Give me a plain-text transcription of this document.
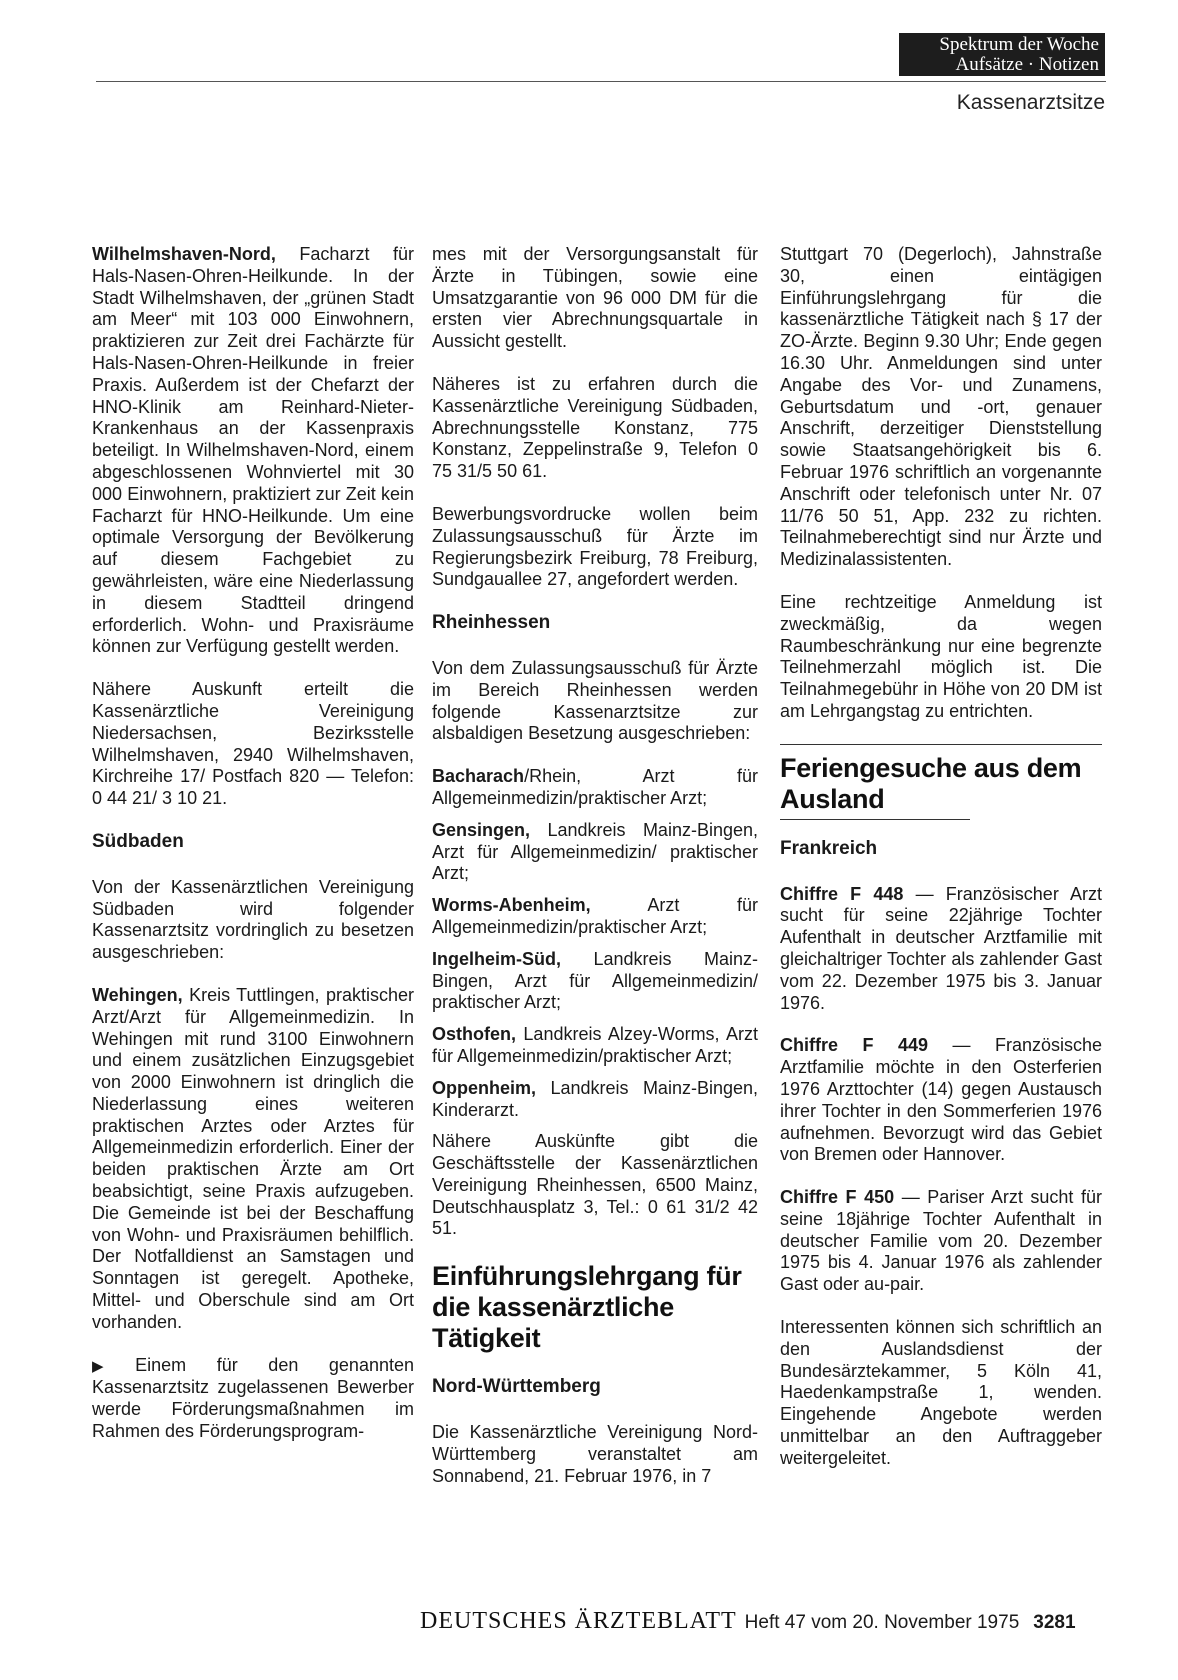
Spektrum der Woche
Aufsätze · Notizen
Kassenarztsitze

Wilhelmshaven-Nord, Facharzt für Hals-Nasen-Ohren-Heilkunde. In der Stadt Wilhelmshaven, der „grünen Stadt am Meer“ mit 103 000 Einwohnern, praktizieren zur Zeit drei Fachärzte für Hals-Nasen-Ohren-Heilkunde in freier Praxis. Außerdem ist der Chefarzt der HNO-Klinik am Reinhard-Nieter-Krankenhaus an der Kassenpraxis beteiligt. In Wilhelmshaven-Nord, einem abgeschlossenen Wohnviertel mit 30 000 Einwohnern, praktiziert zur Zeit kein Facharzt für HNO-Heilkunde. Um eine optimale Versorgung der Bevölkerung auf diesem Fachgebiet zu gewährleisten, wäre eine Niederlassung in diesem Stadtteil dringend erforderlich. Wohn- und Praxisräume können zur Verfügung gestellt werden.

Nähere Auskunft erteilt die Kassenärztliche Vereinigung Niedersachsen, Bezirksstelle Wilhelmshaven, 2940 Wilhelmshaven, Kirchreihe 17/ Postfach 820 — Telefon: 0 44 21/ 3 10 21.

Südbaden

Von der Kassenärztlichen Vereinigung Südbaden wird folgender Kassenarztsitz vordringlich zu besetzen ausgeschrieben:

Wehingen, Kreis Tuttlingen, praktischer Arzt/Arzt für Allgemeinmedizin. In Wehingen mit rund 3100 Einwohnern und einem zusätzlichen Einzugsgebiet von 2000 Einwohnern ist dringlich die Niederlassung eines weiteren praktischen Arztes oder Arztes für Allgemeinmedizin erforderlich. Einer der beiden praktischen Ärzte am Ort beabsichtigt, seine Praxis aufzugeben. Die Gemeinde ist bei der Beschaffung von Wohn- und Praxisräumen behilflich. Der Notfalldienst an Samstagen und Sonntagen ist geregelt. Apotheke, Mittel- und Oberschule sind am Ort vorhanden.

▶ Einem für den genannten Kassenarztsitz zugelassenen Bewerber werde Förderungsmaßnahmen im Rahmen des Förderungsprogram-

mes mit der Versorgungsanstalt für Ärzte in Tübingen, sowie eine Umsatzgarantie von 96 000 DM für die ersten vier Abrechnungsquartale in Aussicht gestellt.

Näheres ist zu erfahren durch die Kassenärztliche Vereinigung Südbaden, Abrechnungsstelle Konstanz, 775 Konstanz, Zeppelinstraße 9, Telefon 0 75 31/5 50 61.

Bewerbungsvordrucke wollen beim Zulassungsausschuß für Ärzte im Regierungsbezirk Freiburg, 78 Freiburg, Sundgauallee 27, angefordert werden.

Rheinhessen

Von dem Zulassungsausschuß für Ärzte im Bereich Rheinhessen werden folgende Kassenarztsitze zur alsbaldigen Besetzung ausgeschrieben:

Bacharach/Rhein, Arzt für Allgemeinmedizin/praktischer Arzt;

Gensingen, Landkreis Mainz-Bingen, Arzt für Allgemeinmedizin/ praktischer Arzt;

Worms-Abenheim, Arzt für Allgemeinmedizin/praktischer Arzt;

Ingelheim-Süd, Landkreis Mainz-Bingen, Arzt für Allgemeinmedizin/ praktischer Arzt;

Osthofen, Landkreis Alzey-Worms, Arzt für Allgemeinmedizin/praktischer Arzt;

Oppenheim, Landkreis Mainz-Bingen, Kinderarzt.

Nähere Auskünfte gibt die Geschäftsstelle der Kassenärztlichen Vereinigung Rheinhessen, 6500 Mainz, Deutschhausplatz 3, Tel.: 0 61 31/2 42 51.

Einführungslehrgang für die kassenärztliche Tätigkeit
Nord-Württemberg

Die Kassenärztliche Vereinigung Nord-Württemberg veranstaltet am Sonnabend, 21. Februar 1976, in 7

Stuttgart 70 (Degerloch), Jahnstraße 30, einen eintägigen Einführungslehrgang für die kassenärztliche Tätigkeit nach § 17 der ZO-Ärzte. Beginn 9.30 Uhr; Ende gegen 16.30 Uhr. Anmeldungen sind unter Angabe des Vor- und Zunamens, Geburtsdatum und -ort, genauer Anschrift, derzeitiger Dienststellung sowie Staatsangehörigkeit bis 6. Februar 1976 schriftlich an vorgenannte Anschrift oder telefonisch unter Nr. 07 11/76 50 51, App. 232 zu richten. Teilnahmeberechtigt sind nur Ärzte und Medizinalassistenten.

Eine rechtzeitige Anmeldung ist zweckmäßig, da wegen Raumbeschränkung nur eine begrenzte Teilnehmerzahl möglich ist. Die Teilnahmegebühr in Höhe von 20 DM ist am Lehrgangstag zu entrichten.

Feriengesuche aus dem Ausland
Frankreich

Chiffre F 448 — Französischer Arzt sucht für seine 22jährige Tochter Aufenthalt in deutscher Arztfamilie mit gleichaltriger Tochter als zahlender Gast vom 22. Dezember 1975 bis 3. Januar 1976.

Chiffre F 449 — Französische Arztfamilie möchte in den Osterferien 1976 Arzttochter (14) gegen Austausch ihrer Tochter in den Sommerferien 1976 aufnehmen. Bevorzugt wird das Gebiet von Bremen oder Hannover.

Chiffre F 450 — Pariser Arzt sucht für seine 18jährige Tochter Aufenthalt in deutscher Familie vom 20. Dezember 1975 bis 4. Januar 1976 als zahlender Gast oder au-pair.

Interessenten können sich schriftlich an den Auslandsdienst der Bundesärztekammer, 5 Köln 41, Haedenkampstraße 1, wenden. Eingehende Angebote werden unmittelbar an den Auftraggeber weitergeleitet.

DEUTSCHES ÄRZTEBLATT Heft 47 vom 20. November 1975 3281
